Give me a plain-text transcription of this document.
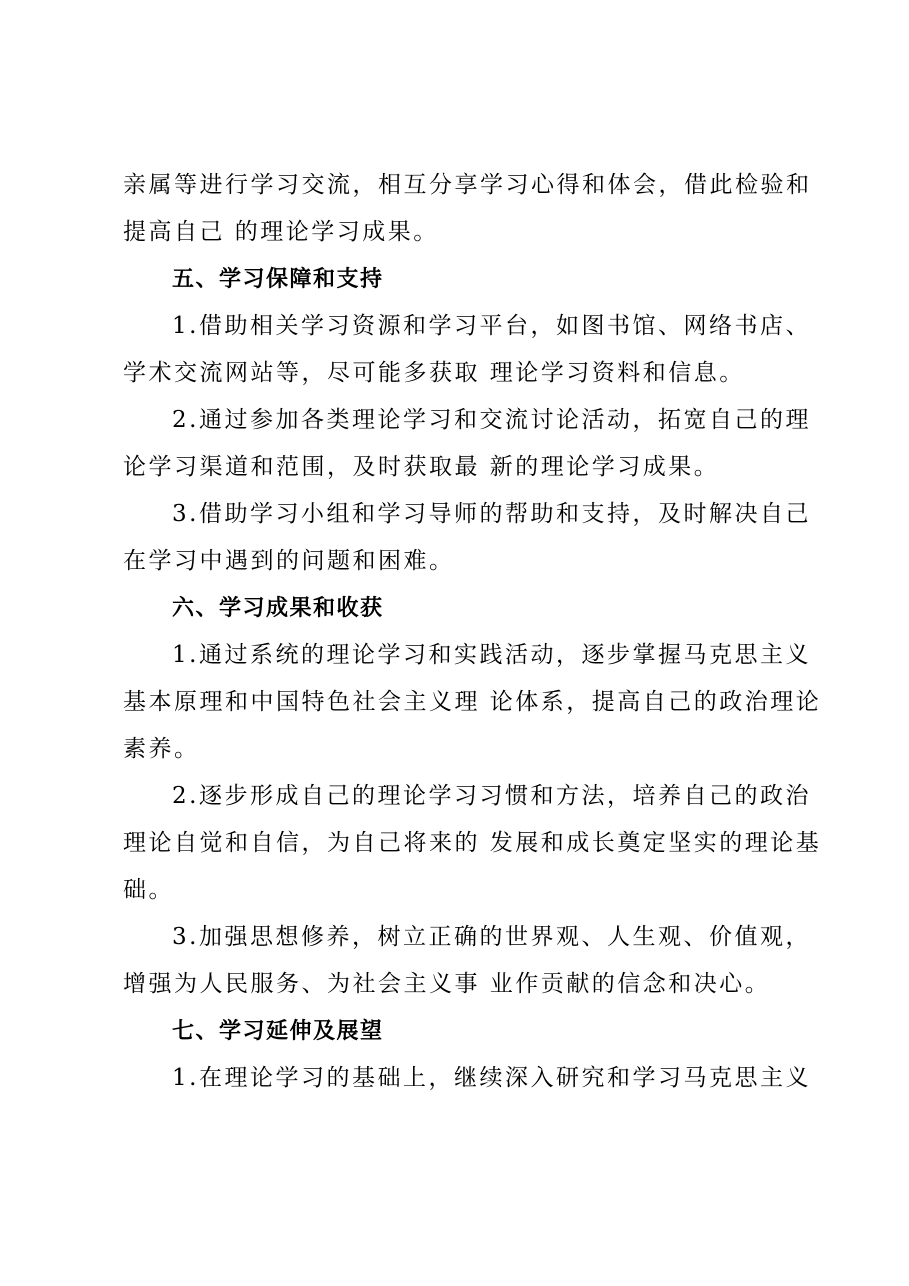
亲属等进行学习交流，相互分享学习心得和体会，借此检验和
提高自己 的理论学习成果。

五、学习保障和支持

1.借助相关学习资源和学习平台，如图书馆、网络书店、
学术交流网站等，尽可能多获取 理论学习资料和信息。

2.通过参加各类理论学习和交流讨论活动，拓宽自己的理
论学习渠道和范围，及时获取最 新的理论学习成果。

3.借助学习小组和学习导师的帮助和支持，及时解决自己
在学习中遇到的问题和困难。

六、学习成果和收获

1.通过系统的理论学习和实践活动，逐步掌握马克思主义
基本原理和中国特色社会主义理 论体系，提高自己的政治理论
素养。

2.逐步形成自己的理论学习习惯和方法，培养自己的政治
理论自觉和自信，为自己将来的 发展和成长奠定坚实的理论基
础。

3.加强思想修养，树立正确的世界观、人生观、价值观，
增强为人民服务、为社会主义事 业作贡献的信念和决心。

七、学习延伸及展望

1.在理论学习的基础上，继续深入研究和学习马克思主义
